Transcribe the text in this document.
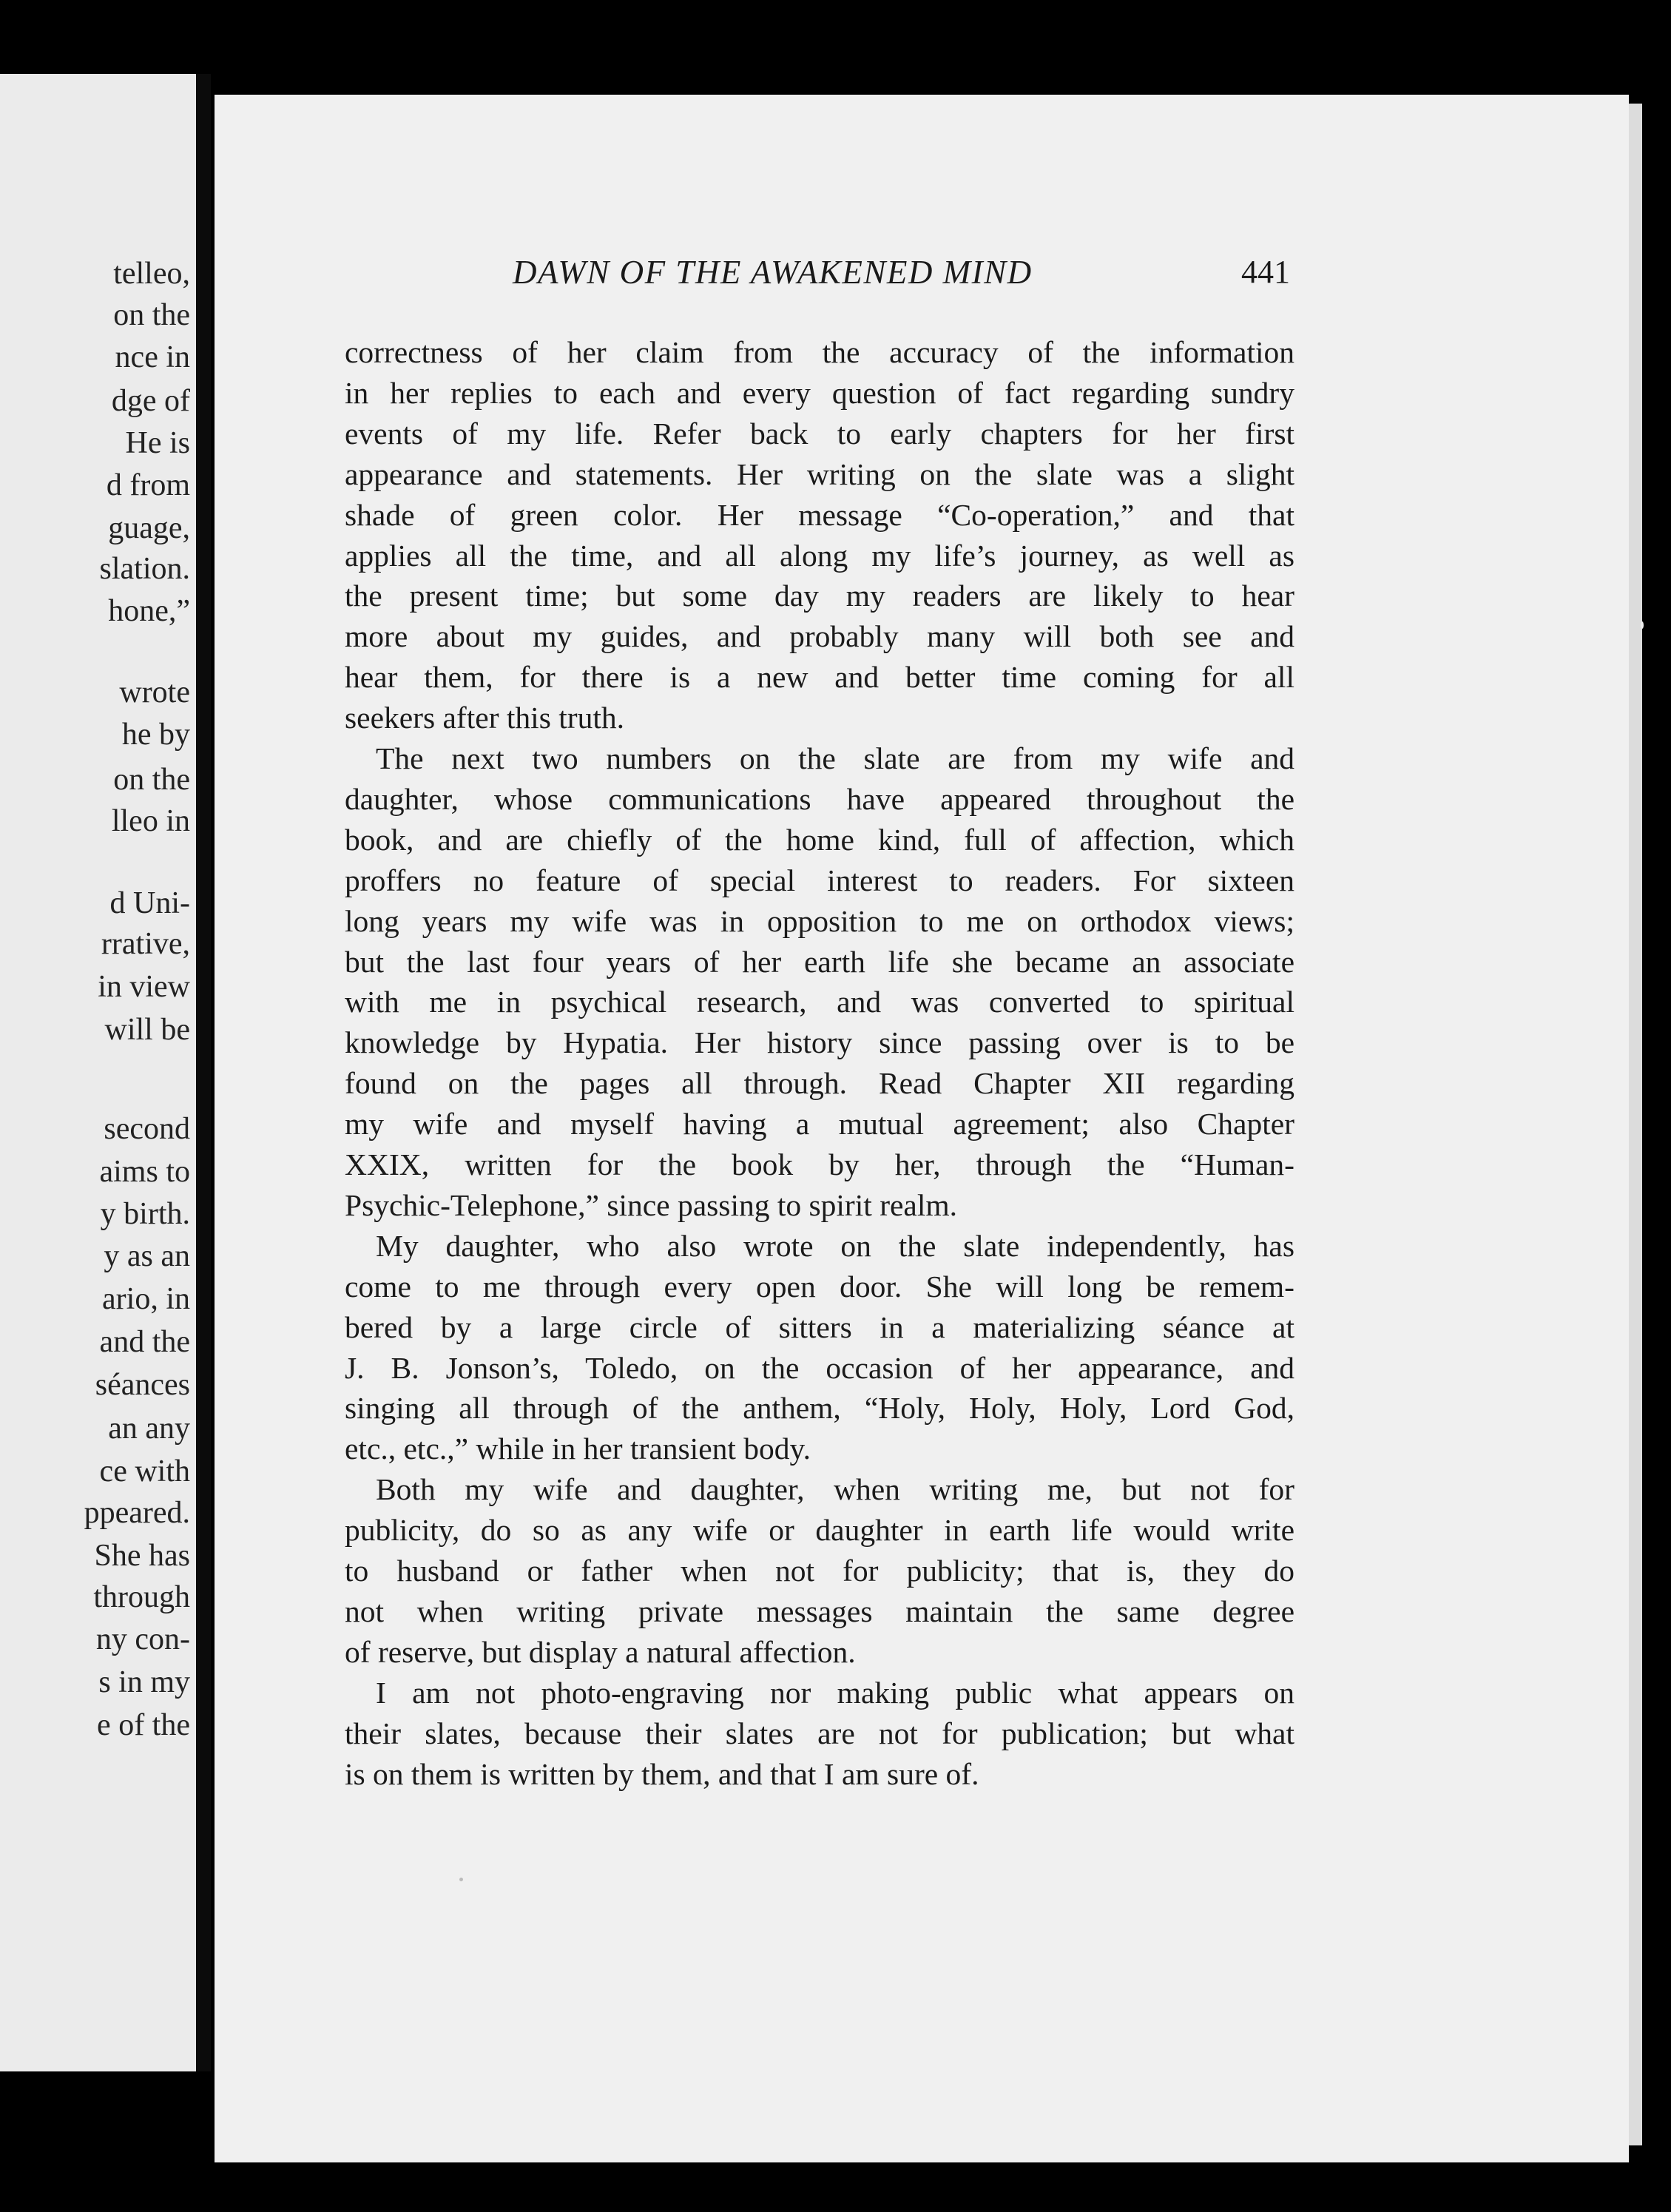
telleo,
on the
nce in
dge of
He is
d from
guage,
slation.
hone,”
wrote
he by
on the
lleo in
d Uni-
rrative,
in view
will be
second
aims to
y birth.
y as an
ario, in
and the
séances
an any
ce with
ppeared.
She has
through
ny con-
s in my
e of the
DAWN OF THE AWAKENED MIND	441
correctness of her claim from the accuracy of the information
in her replies to each and every question of fact regarding sundry
events of my life. Refer back to early chapters for her first
appearance and statements. Her writing on the slate was a slight
shade of green color. Her message “Co-operation,” and that
applies all the time, and all along my life’s journey, as well as
the present time; but some day my readers are likely to hear
more about my guides, and probably many will both see and
hear them, for there is a new and better time coming for all
seekers after this truth.
The next two numbers on the slate are from my wife and
daughter, whose communications have appeared throughout the
book, and are chiefly of the home kind, full of affection, which
proffers no feature of special interest to readers. For sixteen
long years my wife was in opposition to me on orthodox views;
but the last four years of her earth life she became an associate
with me in psychical research, and was converted to spiritual
knowledge by Hypatia. Her history since passing over is to be
found on the pages all through. Read Chapter XII regarding
my wife and myself having a mutual agreement; also Chapter
XXIX, written for the book by her, through the “Human-
Psychic-Telephone,” since passing to spirit realm.
My daughter, who also wrote on the slate independently, has
come to me through every open door. She will long be remem-
bered by a large circle of sitters in a materializing séance at
J. B. Jonson’s, Toledo, on the occasion of her appearance, and
singing all through of the anthem, “Holy, Holy, Holy, Lord God,
etc., etc.,” while in her transient body.
Both my wife and daughter, when writing me, but not for
publicity, do so as any wife or daughter in earth life would write
to husband or father when not for publicity; that is, they do
not when writing private messages maintain the same degree
of reserve, but display a natural affection.
I am not photo-engraving nor making public what appears on
their slates, because their slates are not for publication; but what
is on them is written by them, and that I am sure of.
